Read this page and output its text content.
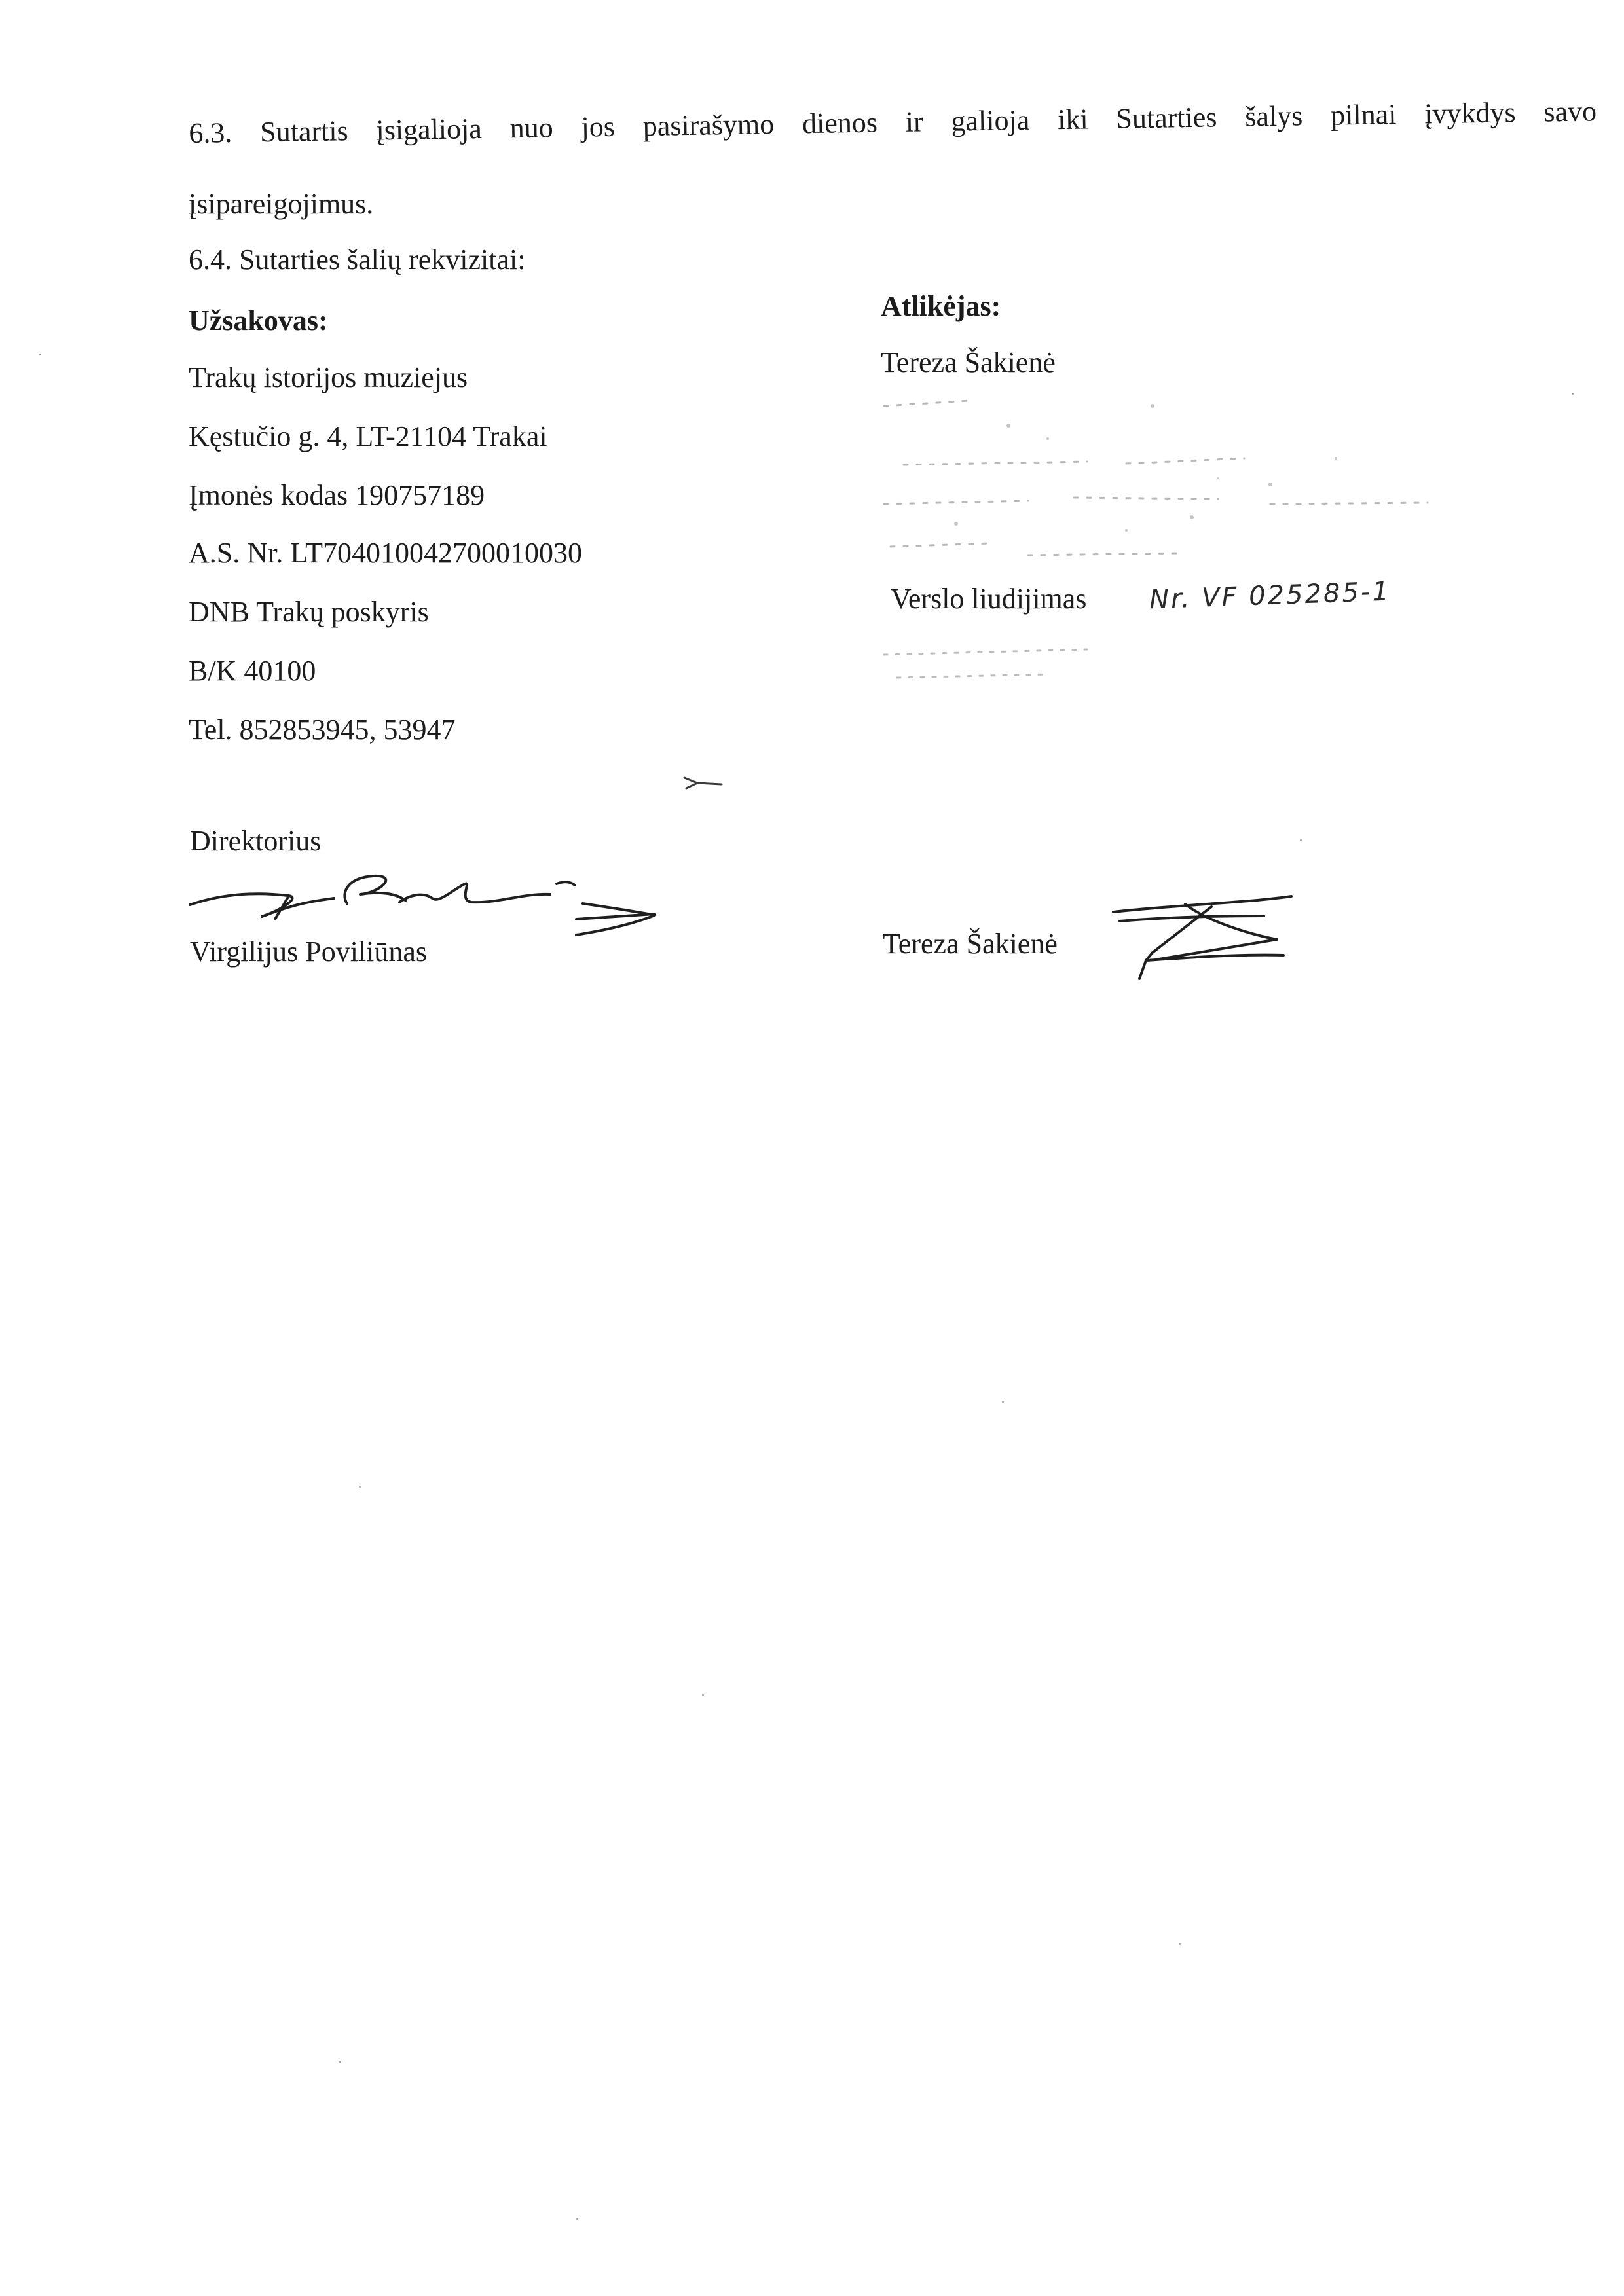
6.3. Sutartis įsigalioja nuo jos pasirašymo dienos ir galioja iki Sutarties šalys pilnai įvykdys savo
įsipareigojimus.
6.4. Sutarties šalių rekvizitai:
Užsakovas:
Trakų istorijos muziejus
Kęstučio g. 4, LT-21104 Trakai
Įmonės kodas 190757189
A.S. Nr. LT704010042700010030
DNB Trakų poskyris
B/K 40100
Tel. 852853945, 53947
Atlikėjas:
Tereza Šakienė
Verslo liudijimas Nr. VF 025285-1
Direktorius
Virgilijus Poviliūnas	Tereza Šakienė
